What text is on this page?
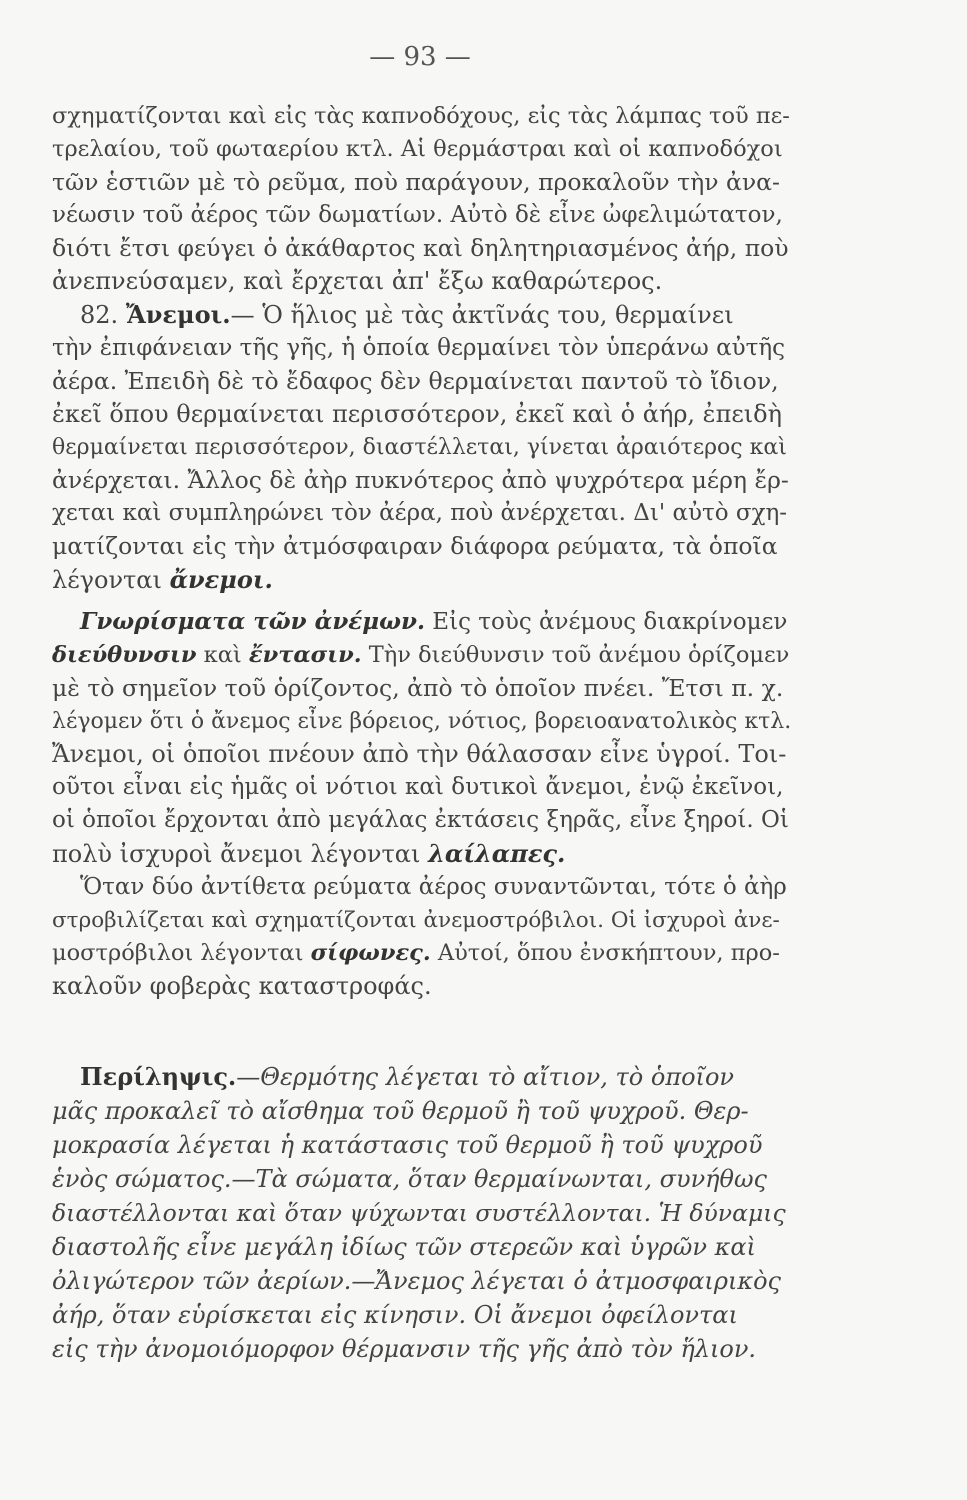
— 93 —

σχηματίζονται καὶ εἰς τὰς καπνοδόχους, εἰς τὰς λάμπας τοῦ πε-
τρελαίου, τοῦ φωταερίου κτλ. Αἱ θερμάστραι καὶ οἱ καπνοδόχοι
τῶν ἑστιῶν μὲ τὸ ρεῦμα, ποὺ παράγουν, προκαλοῦν τὴν ἀνα-
νέωσιν τοῦ ἀέρος τῶν δωματίων. Αὐτὸ δὲ εἶνε ὠφελιμώτατον,
διότι ἔτσι φεύγει ὁ ἀκάθαρτος καὶ δηλητηριασμένος ἀήρ, ποὺ
ἀνεπνεύσαμεν, καὶ ἔρχεται ἀπ' ἔξω καθαρώτερος.

82. Ἄνεμοι.— Ὁ ἥλιος μὲ τὰς ἀκτῖνάς του, θερμαίνει
τὴν ἐπιφάνειαν τῆς γῆς, ἡ ὁποία θερμαίνει τὸν ὑπεράνω αὐτῆς
ἀέρα. Ἐπειδὴ δὲ τὸ ἔδαφος δὲν θερμαίνεται παντοῦ τὸ ἴδιον,
ἐκεῖ ὅπου θερμαίνεται περισσότερον, ἐκεῖ καὶ ὁ ἀήρ, ἐπειδὴ
θερμαίνεται περισσότερον, διαστέλλεται, γίνεται ἀραιότερος καὶ
ἀνέρχεται. Ἄλλος δὲ ἀὴρ πυκνότερος ἀπὸ ψυχρότερα μέρη ἔρ-
χεται καὶ συμπληρώνει τὸν ἀέρα, ποὺ ἀνέρχεται. Δι' αὐτὸ σχη-
ματίζονται εἰς τὴν ἀτμόσφαιραν διάφορα ρεύματα, τὰ ὁποῖα
λέγονται ἄνεμοι.

Γνωρίσματα τῶν ἀνέμων. Εἰς τοὺς ἀνέμους διακρίνομεν
διεύθυνσιν καὶ ἔντασιν. Τὴν διεύθυνσιν τοῦ ἀνέμου ὁρίζομεν
μὲ τὸ σημεῖον τοῦ ὁρίζοντος, ἀπὸ τὸ ὁποῖον πνέει. Ἔτσι π. χ.
λέγομεν ὅτι ὁ ἄνεμος εἶνε βόρειος, νότιος, βορειοανατολικὸς κτλ.
Ἄνεμοι, οἱ ὁποῖοι πνέουν ἀπὸ τὴν θάλασσαν εἶνε ὑγροί. Τοι-
οῦτοι εἶναι εἰς ἡμᾶς οἱ νότιοι καὶ δυτικοὶ ἄνεμοι, ἐνῷ ἐκεῖνοι,
οἱ ὁποῖοι ἔρχονται ἀπὸ μεγάλας ἐκτάσεις ξηρᾶς, εἶνε ξηροί. Οἱ
πολὺ ἰσχυροὶ ἄνεμοι λέγονται λαίλαπες.

Ὅταν δύο ἀντίθετα ρεύματα ἀέρος συναντῶνται, τότε ὁ ἀὴρ
στροβιλίζεται καὶ σχηματίζονται ἀνεμοστρόβιλοι. Οἱ ἰσχυροὶ ἀνε-
μοστρόβιλοι λέγονται σίφωνες. Αὐτοί, ὅπου ἐνσκήπτουν, προ-
καλοῦν φοβερὰς καταστροφάς.

Περίληψις.—Θερμότης λέγεται τὸ αἴτιον, τὸ ὁποῖον
μᾶς προκαλεῖ τὸ αἴσθημα τοῦ θερμοῦ ἢ τοῦ ψυχροῦ. Θερ-
μοκρασία λέγεται ἡ κατάστασις τοῦ θερμοῦ ἢ τοῦ ψυχροῦ
ἑνὸς σώματος.—Τὰ σώματα, ὅταν θερμαίνωνται, συνήθως
διαστέλλονται καὶ ὅταν ψύχωνται συστέλλονται. Ἡ δύναμις
διαστολῆς εἶνε μεγάλη ἰδίως τῶν στερεῶν καὶ ὑγρῶν καὶ
ὀλιγώτερον τῶν ἀερίων.—Ἄνεμος λέγεται ὁ ἀτμοσφαιρικὸς
ἀήρ, ὅταν εὑρίσκεται εἰς κίνησιν. Οἱ ἄνεμοι ὀφείλονται
εἰς τὴν ἀνομοιόμορφον θέρμανσιν τῆς γῆς ἀπὸ τὸν ἥλιον.
